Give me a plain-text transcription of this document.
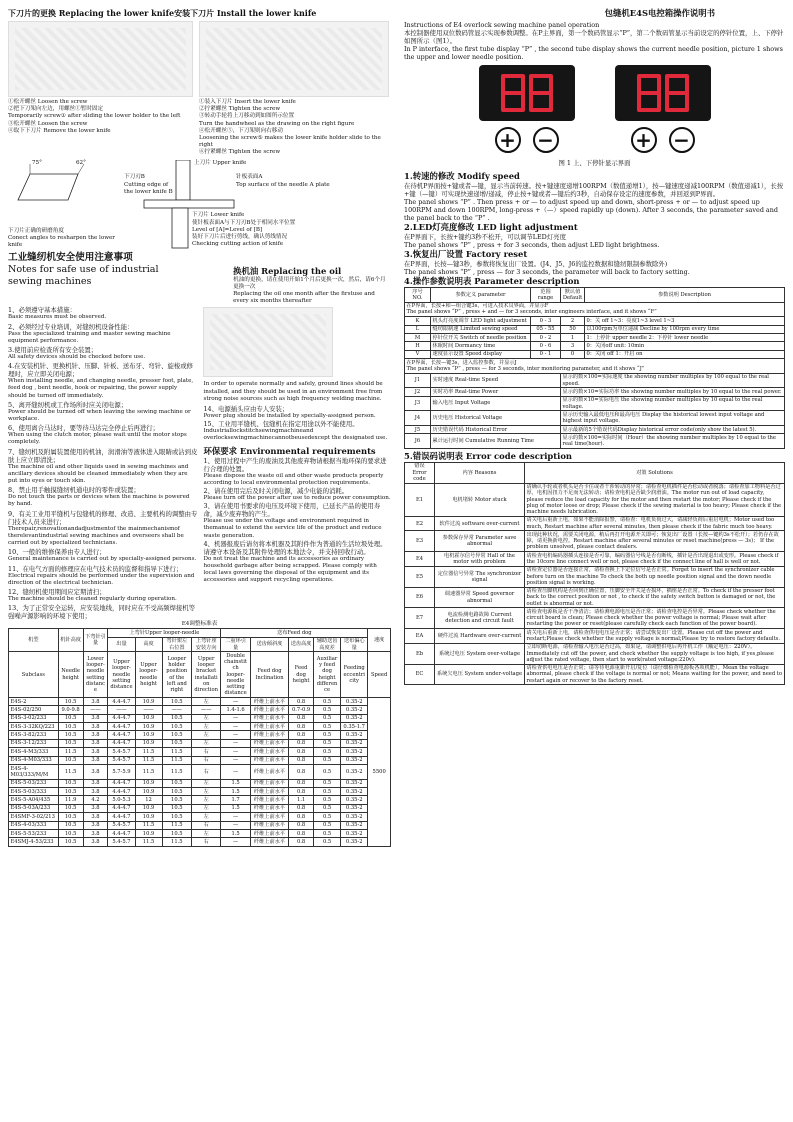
下刀片的更换 Replacing the lower knife安装下刀片 Install the lower knife
①松开螺丝 Loosen the screw
②把下刀架向左边，用螺丝①暂时固定
Temporarily screw① after sliding the lower holder to the left
③松开螺丝 Loosen the screw
④取下下刀片 Remove the lower knife
①装入下刀片 Insert the lower knife
②拧紧螺丝 Tighten the screw
③转动手轮将上刀移动到如图所示位置
Turn the handwheel as the drawing on the right figure
④松开螺丝⑤，下刀架则向右移动
Loosening the screw⑤ makes the lower knife holder slide to the right
⑥拧紧螺丝 Tighten the screw
75°	62°
下刀片正确的研磨角度
Conect angles to resharpen the lower knife
上刀片 Upper knife
下刀刃B
Cutting edge of the lower knife B
针板表面A
Top surface of the needle A plate
下刀片 Lower knife
使针板表面A与下刀刃B处于相同水平位置
Level of [A]=Level of [B]
装好下刀片后进行剪线，确认剪线情况
Checking cutting action of knife
工业缝纫机安全使用注意事项
Notes for safe use of industrial
sewing machines
换机油 Replacing the oil
机油的更换，请在使用开始1个月后更换一次，然后，请6个月更换一次
Replacing the oil one month after the firstuse and every six months thereafter
1、必须遵守基本措施：
Basic measures must be observed.
2、必须经过专业培训，对缝纫机设备性能：
Pass the specialized training and master sewing machine equipment performance.
3.使用前应检查所有安全装置；
All safety devices should be checked before use.
4.在安装机针、更换机针、压脚、针板、送布牙、弯针、旋梭或修理时，应立即关闭电源；
When installing needle, and changing needle, presser foot, plate, feed dog , bent needle, hook or repairing, the power supply should be turned off immediately.
5、离开缝纫机或工作场所时应关闭电源；
Power should be turned off when leaving the sewing machine or workplace.
6、使用离合马达时，要等待马达完全停止后再进行；
When using the clutch motor, please wait until the motor stops completely.
7、缝纫机及附属装置使用的机油，润滑油等液体进入眼睛或沾到皮肤上应立即清洗；
The machine oil and other liquids used in sewing machines and ancillary devices should be cleaned immediately when they are put into eyes or touch skin.
8、禁止用手触摸缝纫机通电时的零件或装置；
Do not touch the parts or devices when the machine is powered by hand.
9、有关工业用平缝机与包缝机的修理、改造、主要机构的调整由专门技术人员来进行；
Therepair,renovationandadjustmentof the mainmechanismof therelevantindustrial sewing machines and overseers shall be carried out by specialized technicians.
10、一般的维修保养由专人进行；
General maintenance is carried out by specially-assigned persons.
11、在电气方面的修理应在电气技术员的监督和指导下进行；
Electrical repairs should be performed under the supervision and direction of the electrical technician.
12、缝纫机使用期间应定期清扫；
The machine should be cleaned regularly during operation.
13、为了正常安全运转，应安装地线，同时应在不受高频焊接机等强噪声源影响的环境下使用；
In order to operate normally and safely, ground lines should be installed, and they should be used in an environment free from strong noise sources such as high frequency welding machine.
14、电源插头应由专人安装；
Power plug should be installed by specially-assigned person.
15、工业用平缝机、包缝机在指定用途以外不能使用。
Industriallockstitchsewingmachineand overlocksewingmachinecannotbeusedexcept the designated use.
环保要求 Environmental requirements
1、使用过程中产生的废油及其他废弃物请根据当地环保的要求进行合理的处置。
Please dispose the waste oil and other waste products properly according to local environmental protection requirements.
2、请在使用完后及时关闭电源，减少电能的消耗。
Please turn off the power after use to reduce power consumption.
3、请在使用书要求的电压及环境下使用，已延长产品的使用寿命，减少废弃物的产生。
Please use under the voltage and environment required in themanual to extend the service life of the product and reduce waste generation.
4、机器报废后请勿将本机器及其附件作为普通的生活垃圾处理。请遵守本设备及其附件处理的本地法令，并支持回收行动。
Do not treat the machine and its accessories as ordinary household garbage after being scrapped. Please comply with local laws governing the disposal of the equipment and its accessories and support recycling operations.
E4调整标准表
机型	机针高度	下弯针引量	上弯针Upper looper-needle				送布Feed dog					速度
			出量	高度	弯针架左右位置	上弯针座安装方向	二重环引量	送齿倾斜度	送齿高度	辅助送齿高度差	送布偏心量	
Subclass	Needle height	Lower looper-needle setting distance	Upper looper-needle setting distance	Upper looper-needle height	Looper holder position of the left and right	Upper looper bracket installation direction	Double chainstitch looper-needle setting distance	Feed dog Inclination	Feed dog height	Auxiliary feed dog height difference	Feeding eccentricity	Speed
E4S-2	10.5	3.8	4.4-4.7	10.9	10.5	左	—	纤维上前水平	0.8	0.5	0.35-2	5500
E4S-02/250	9.0-9.8	——	——	——	——	——	1.4-1.6	纤维上前水平	0.7-0.9	0.5	0.35-2	
E4S-3-02/233	10.5	3.8	4.4-4.7	10.9	10.5	左	—	纤维上前水平	0.8	0.5	0.35-2	
E4S-3-32KQ/223	10.5	3.8	4.4-4.7	10.9	10.5	左	—	纤维上前水平	0.8	0.5	0.35-1.7	
E4S-3-82/233	10.5	3.8	4.4-4.7	10.9	10.5	左	—	纤维上前水平	0.8	0.5	0.35-2	
E4S-3-12/233	10.5	3.8	4.4-4.7	10.9	10.5	左	—	纤维上前水平	0.8	0.5	0.35-2	
E4S-4-M3/333	11.5	3.8	5.4-5.7	11.5	11.5	右	—	纤维上前水平	0.8	0.5	0.35-2	
E4S-4-M03/333	10.5	3.8	5.4-5.7	11.5	11.5	右	—	纤维上前水平	0.8	0.5	0.35-2	
E4S-4-M03/333/M/M	11.5	3.8	5.7-5.9	11.5	11.5	右	—	纤维上前水平	0.8	0.5	0.35-2	
E4S-5-03/233	10.5	3.8	4.4-4.7	10.9	10.5	左	1.5	纤维上前水平	0.8	0.5	0.35-2	
E4S-5-03/333	10.5	3.8	4.4-4.7	10.9	10.5	左	1.5	纤维上前水平	0.8	0.5	0.35-2	
E4S-5-A04/435	11.9	4.2	5.0-5.3	12	10.5	左	1.7	纤维上前水平	1.1	0.5	0.35-2	
E4S-5-03A/233	10.5	3.8	4.4-4.7	10.9	10.5	左	1.5	纤维上前水平	0.8	0.5	0.35-2	
E4SMF-3-02/213	10.5	3.8	4.4-4.7	10.9	10.5	左	—	纤维上前水平	0.8	0.5	0.35-2	
E4S-4-03/333	10.5	3.8	5.4-5.7	11.5	11.5	右	—	纤维上前水平	0.8	0.5	0.35-2	
E4S-5-53/233	10.5	3.8	4.4-4.7	10.9	10.5	左	1.5	纤维上前水平	0.8	0.5	0.35-2	
E4SMJ-4-53/233	10.5	3.8	5.4-5.7	11.5	11.5	右	—	纤维上前水平	0.8	0.5	0.35-2	
包缝机E4S电控箱操作说明书
Instructions of E4 overlock sewing machine panel operation
本控制器使用双位数码管显示实现参数调整。在P主界面，第一个数码管显示“P”，第二个数码管显示当前设定的停针位置，上、下停针如图所示（图1）。
In P interface, the first tube display “P” , the second tube display shows the current needle position, picture 1 shows the upper and lower needle position.
+ −	+ −
图 1 上、下停针显示界面
1.转速的修改 Modify speed
在待机P界面按+键或者—键，显示当前转速。按+键速度递增100RPM（数值递增1），按—键速度递减100RPM（数值递减1），长按+键（—键）可实现快速递增/递减，停止按+键或者—键后约3秒，自动保存设定的速度参数，并回返到P界面。
The panel shows “P” . Then press + or — to adjust speed up and down, short-press + or — to adjust speed up 100RPM and down 100RPM, long-press +（—）speed rapidly up (down). After 3 seconds, the parameter saved and the panel back to the “P” .
2.LED灯亮度修改 LED light adjustment
在P界面下，长按+键约3秒不松开，可以调节LED灯亮度
The panel shows “P” , press + for 3 seconds, then adjust LED light brightness.
3.恢复出厂设置 Factory reset
在P界面，长按—键3秒，参数将恢复出厂设置。(J4、J5、J6的监控数据和缝纫限制参数除外)
The panel shows “P” , press — for 3 seconds, the parameter will back to factory setting.
4.操作参数说明表 Parameter description
序号 NO.	参数定义 parameter	范围 range	默认值 Default	参数说明 Description

在P界面，长按+和—组合键3s，可进入技术员界面，并显示F
The panel shows “P” , press + and — for 3 seconds, inter engineers interface, and it shows “F”				

K	机头灯亮度调节 LED light adjustment	0 - 3	2	0：关 off 1~3：亮度1~3 level 1~3
L	缝纫限制速 Limited sewing speed	05 - 55	50	以100rpm为单位递减 Decline by 100rpm every time
M	停针位开关 Switch of needle position	0 - 2	1	1：上停针 upper needle 2：下停针 lower needle
H	休眠时间 Dormancy time	0 - 6	3	0：关闭off unit: 10min
V	速度显示设置 Speed display	0 - 1	0	0：关闭 off 1：开启 on

在P界面，长按—键3s，进入监控参数，并显示J
The panel shows “P” , press — for 3 seconds, inter monitoring parameter, and it shows “J”				

J1	实时速度 Real-time Speed		显示的数×100=实际速度 the showing number multiples by 100 equal to the real speed.	
J2	实时功率 Real-time Power		显示的数×10=实际功率 the showing number multiples by 10 equal to the real power.	
J3	输入电压 Input Voltage		显示的数×10=实际电压 the showing number multiples by 10 equal to the real voltage.	
J4	历史电压 Historical Voltage		显示历史输入最低电压和最高电压 Display the historical lowest input voltage and highest input voltage.	
J5	历史错误代码 Historical Error		显示最新的5个错误代码Display historical error code(only show the latest 5).	
J6	累计运行时间 Cumulative Running Time		显示的数×100=实际时间（Hour）the showing number multiples by 10 equal to the real time(hour).	
5.错误码说明表 Error code description
错误 Error code	内容 Reasons	对策 Solutions
E1	电机堵转 Motor stuck	请确认手轮或者机头是否卡住或者干涉转动的异常；请检查电机插件是否松动或者脱落；请检查加工物料是否过厚，电机因扭力不足而无法转动；请检查电机是否缺少润滑油。The motor run out of load capacity, please reduce the load capacity for the motor and then restart the motor; Please check if the plug of motor loose or drop; Please check if the sewing material is too heavy; Please check if the machine needs lubrication.
E2	软件过流 software over-current	请关电后重新上电，如果不能消除报警，请检查：电机负荷过大，请减轻负荷后重启电机；Motor used too much, Restart machine after several minutes, then please check if the fabric much too heavy.
E3	参数保存异常 Parameter save abnormal	出现此种状况，需要关闭电源，稍后再打开电源开关即可；恢复出厂设置（长按—键约3s不松开）；若仍存在故障，请更换新电控。Restart machine after several minutes or reset machine(press — 3s)； If the problem unsolved, please contact dealers.
E4	电机霍尔信号异常 Hall of the motor with problem	请检查电机编码器插头连接是否可靠，编码器信号线是否有断线，插针是否出现退出或变形。Please check if the 10core line connect well or not, please check if the connect line of hall is well or not.
E5	定位器信号异常 The synchronizer signal	请检查定位器是否连接正常，请检查换上下定位信号是否正常。Forget to insert the synchronizer cable before turn on the machine To check the both up needle position signal and the down needle position signal is working.
E6	调速器异常 Speed governor abnormal	请检查压脚机构是否回到正确位置，压脚安全开关是否损坏，插座是否正常。To check if the presser foot back to the correct position or not , to check if the safety switch button is damaged or not, the outlet is abnormal or not.
E7	电流检测电路故障 Current detection and circuit fault	请检查电源板是否干净清洁；请检测电源电压是否正常；请检查电控是否异常。Please check whether the circuit board is clean; Please check whether the power voltage is normal; Please wait after restarting the power or reset(please carefully check each function of the power board).
EA	硬件过流 Hardware over-current	请关电后重新上电，请检查供电电压是否正常；请尝试恢复出厂设置。Please cut off the power and restart;Please check whether the supply voltage is normal;Please try to restore factory defaults.
Eb	系统过电压 System over-voltage	立即切断电源，请检查输入电压是否过高，如果是，请调整供电后再开机工作（额定电压：220V）。Immediately cut off the power, and check whether the supply voltage is too high, if yes,please adjust the rated voltage, then start to work(rated voltage:220v).
EC	系统欠电压 System under-voltage	请检查供电电压是否正常；请等待电源重新开启/复位（请仔细检查电源板各项机能）。Mean the voltage abnormal, please check if the voltage is normal or not; Means waiting for the power, and need to restart again or recover to the factory reset.
